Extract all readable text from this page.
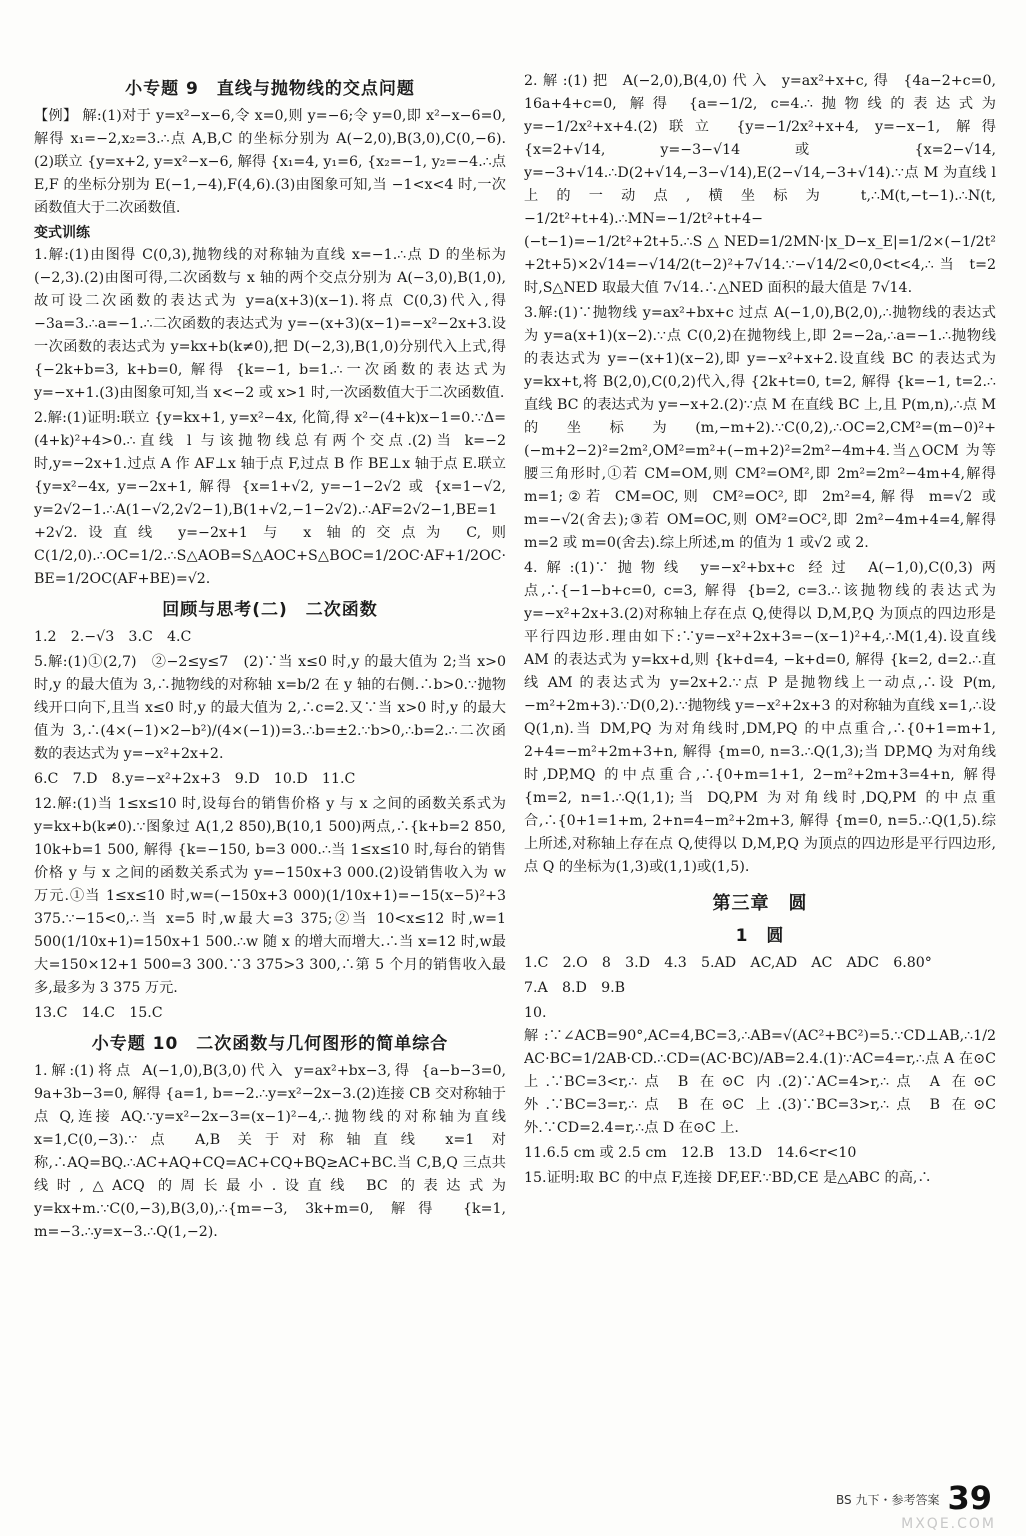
小专题 9　直线与抛物线的交点问题

【例】 解:(1)对于 y=x²−x−6,令 x=0,则 y=−6;令 y=0,即 x²−x−6=0,解得 x₁=−2,x₂=3.∴点 A,B,C 的坐标分别为 A(−2,0),B(3,0),C(0,−6).(2)联立 {y=x+2, y=x²−x−6, 解得 {x₁=4, y₁=6, {x₂=−1, y₂=−4.∴点 E,F 的坐标分别为 E(−1,−4),F(4,6).(3)由图象可知,当 −1<x<4 时,一次函数值大于二次函数值.

变式训练

1.解:(1)由图得 C(0,3),抛物线的对称轴为直线 x=−1.∴点 D 的坐标为(−2,3).(2)由图可得,二次函数与 x 轴的两个交点分别为 A(−3,0),B(1,0),故可设二次函数的表达式为 y=a(x+3)(x−1).将点 C(0,3)代入,得 −3a=3.∴a=−1.∴二次函数的表达式为 y=−(x+3)(x−1)=−x²−2x+3.设一次函数的表达式为 y=kx+b(k≠0),把 D(−2,3),B(1,0)分别代入上式,得 {−2k+b=3, k+b=0, 解得 {k=−1, b=1.∴一次函数的表达式为 y=−x+1.(3)由图象可知,当 x<−2 或 x>1 时,一次函数值大于二次函数值.

2.解:(1)证明:联立 {y=kx+1, y=x²−4x, 化简,得 x²−(4+k)x−1=0.∵Δ=(4+k)²+4>0.∴直线 l 与该抛物线总有两个交点.(2)当 k=−2 时,y=−2x+1.过点 A 作 AF⊥x 轴于点 F,过点 B 作 BE⊥x 轴于点 E.联立 {y=x²−4x, y=−2x+1, 解得 {x=1+√2, y=−1−2√2 或 {x=1−√2, y=2√2−1.∴A(1−√2,2√2−1),B(1+√2,−1−2√2).∴AF=2√2−1,BE=1+2√2.设直线 y=−2x+1 与 x 轴的交点为 C,则 C(1/2,0).∴OC=1/2.∴S△AOB=S△AOC+S△BOC=1/2OC·AF+1/2OC·BE=1/2OC(AF+BE)=√2.

回顾与思考(二)　二次函数

1.2　2.−√3　3.C　4.C

5.解:(1)①(2,7)　②−2≤y≤7　(2)∵当 x≤0 时,y 的最大值为 2;当 x>0 时,y 的最大值为 3,∴抛物线的对称轴 x=b/2 在 y 轴的右侧.∴b>0.∵抛物线开口向下,且当 x≤0 时,y 的最大值为 2,∴c=2.又∵当 x>0 时,y 的最大值为 3,∴(4×(−1)×2−b²)/(4×(−1))=3.∴b=±2.∵b>0,∴b=2.∴二次函数的表达式为 y=−x²+2x+2.

6.C　7.D　8.y=−x²+2x+3　9.D　10.D　11.C

12.解:(1)当 1≤x≤10 时,设每台的销售价格 y 与 x 之间的函数关系式为 y=kx+b(k≠0).∵图象过 A(1,2 850),B(10,1 500)两点,∴{k+b=2 850, 10k+b=1 500, 解得 {k=−150, b=3 000.∴当 1≤x≤10 时,每台的销售价格 y 与 x 之间的函数关系式为 y=−150x+3 000.(2)设销售收入为 w 万元.①当 1≤x≤10 时,w=(−150x+3 000)(1/10x+1)=−15(x−5)²+3 375.∵−15<0,∴当 x=5 时,w最大=3 375;②当 10<x≤12 时,w=1 500(1/10x+1)=150x+1 500.∴w 随 x 的增大而增大.∴当 x=12 时,w最大=150×12+1 500=3 300.∵3 375>3 300,∴第 5 个月的销售收入最多,最多为 3 375 万元.

13.C　14.C　15.C

小专题 10　二次函数与几何图形的简单综合

1.解:(1)将点 A(−1,0),B(3,0)代入 y=ax²+bx−3,得 {a−b−3=0, 9a+3b−3=0, 解得 {a=1, b=−2.∴y=x²−2x−3.(2)连接 CB 交对称轴于点 Q,连接 AQ.∵y=x²−2x−3=(x−1)²−4,∴抛物线的对称轴为直线 x=1,C(0,−3).∵点 A,B 关于对称轴直线 x=1 对称,∴AQ=BQ.∴AC+AQ+CQ=AC+CQ+BQ≥AC+BC.当 C,B,Q 三点共线时,△ACQ 的周长最小.设直线 BC 的表达式为 y=kx+m.∵C(0,−3),B(3,0),∴{m=−3, 3k+m=0, 解得 {k=1, m=−3.∴y=x−3.∴Q(1,−2).

2.解:(1)把 A(−2,0),B(4,0)代入 y=ax²+x+c,得 {4a−2+c=0, 16a+4+c=0, 解得 {a=−1/2, c=4.∴抛物线的表达式为 y=−1/2x²+x+4.(2)联立 {y=−1/2x²+x+4, y=−x−1, 解得 {x=2+√14, y=−3−√14 或 {x=2−√14, y=−3+√14.∴D(2+√14,−3−√14),E(2−√14,−3+√14).∵点 M 为直线 l 上的一动点,横坐标为 t,∴M(t,−t−1).∴N(t,−1/2t²+t+4).∴MN=−1/2t²+t+4−(−t−1)=−1/2t²+2t+5.∴S△NED=1/2MN·|x_D−x_E|=1/2×(−1/2t²+2t+5)×2√14=−√14/2(t−2)²+7√14.∵−√14/2<0,0<t<4,∴当 t=2 时,S△NED 取最大值 7√14.∴△NED 面积的最大值是 7√14.

3.解:(1)∵抛物线 y=ax²+bx+c 过点 A(−1,0),B(2,0),∴抛物线的表达式为 y=a(x+1)(x−2).∵点 C(0,2)在抛物线上,即 2=−2a,∴a=−1.∴抛物线的表达式为 y=−(x+1)(x−2),即 y=−x²+x+2.设直线 BC 的表达式为 y=kx+t,将 B(2,0),C(0,2)代入,得 {2k+t=0, t=2, 解得 {k=−1, t=2.∴直线 BC 的表达式为 y=−x+2.(2)∵点 M 在直线 BC 上,且 P(m,n),∴点 M 的坐标为(m,−m+2).∵C(0,2),∴OC=2,CM²=(m−0)²+(−m+2−2)²=2m²,OM²=m²+(−m+2)²=2m²−4m+4.当△OCM 为等腰三角形时,①若 CM=OM,则 CM²=OM²,即 2m²=2m²−4m+4,解得 m=1;②若 CM=OC,则 CM²=OC²,即 2m²=4,解得 m=√2 或 m=−√2(舍去);③若 OM=OC,则 OM²=OC²,即 2m²−4m+4=4,解得 m=2 或 m=0(舍去).综上所述,m 的值为 1 或√2 或 2.

4.解:(1)∵抛物线 y=−x²+bx+c 经过 A(−1,0),C(0,3)两点,∴{−1−b+c=0, c=3, 解得 {b=2, c=3.∴该抛物线的表达式为 y=−x²+2x+3.(2)对称轴上存在点 Q,使得以 D,M,P,Q 为顶点的四边形是平行四边形.理由如下:∵y=−x²+2x+3=−(x−1)²+4,∴M(1,4).设直线 AM 的表达式为 y=kx+d,则 {k+d=4, −k+d=0, 解得 {k=2, d=2.∴直线 AM 的表达式为 y=2x+2.∵点 P 是抛物线上一动点,∴设 P(m,−m²+2m+3).∵D(0,2).∵抛物线 y=−x²+2x+3 的对称轴为直线 x=1,∴设 Q(1,n).当 DM,PQ 为对角线时,DM,PQ 的中点重合,∴{0+1=m+1, 2+4=−m²+2m+3+n, 解得 {m=0, n=3.∴Q(1,3);当 DP,MQ 为对角线时,DP,MQ 的中点重合,∴{0+m=1+1, 2−m²+2m+3=4+n, 解得 {m=2, n=1.∴Q(1,1);当 DQ,PM 为对角线时,DQ,PM 的中点重合,∴{0+1=1+m, 2+n=4−m²+2m+3, 解得 {m=0, n=5.∴Q(1,5).综上所述,对称轴上存在点 Q,使得以 D,M,P,Q 为顶点的四边形是平行四边形,点 Q 的坐标为(1,3)或(1,1)或(1,5).

第三章　圆
1　圆

1.C　2.O　8　3.D　4.3　5.AD　AC,AD　AC　ADC　6.80°

7.A　8.D　9.B

10.解:∵∠ACB=90°,AC=4,BC=3,∴AB=√(AC²+BC²)=5.∵CD⊥AB,∴1/2AC·BC=1/2AB·CD.∴CD=(AC·BC)/AB=2.4.(1)∵AC=4=r,∴点 A 在⊙C 上.∵BC=3<r,∴点 B 在⊙C 内.(2)∵AC=4>r,∴点 A 在⊙C 外.∵BC=3=r,∴点 B 在⊙C 上.(3)∵BC=3>r,∴点 B 在⊙C 外.∵CD=2.4=r,∴点 D 在⊙C 上.

11.6.5 cm 或 2.5 cm　12.B　13.D　14.6<r<10

15.证明:取 BC 的中点 F,连接 DF,EF.∵BD,CE 是△ABC 的高,∴

BS 九下・参考答案 39
MXQE.COM
